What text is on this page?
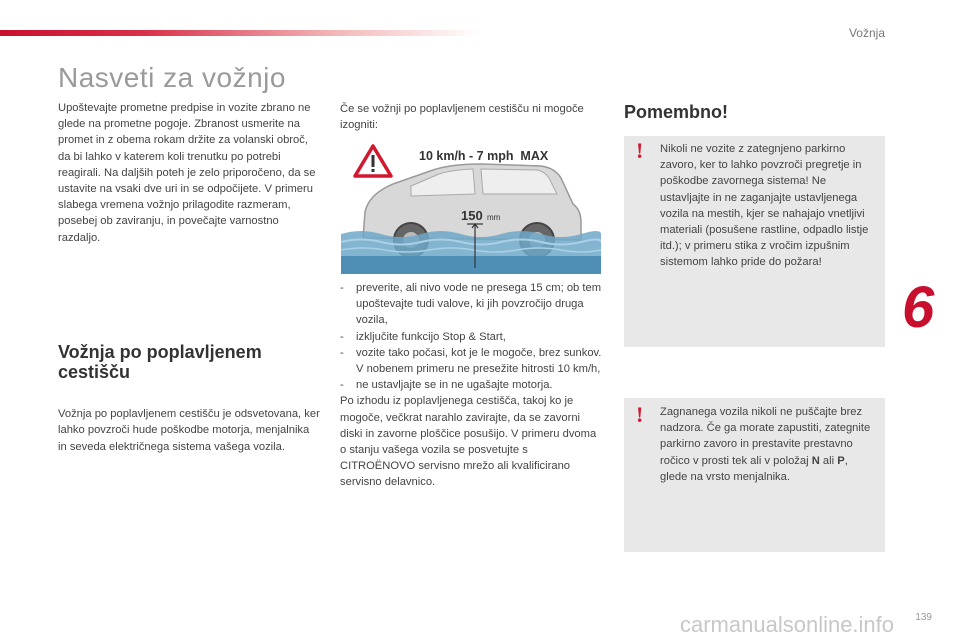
Vožnja
Nasveti za vožnjo

Upoštevajte prometne predpise in vozite zbrano ne glede na prometne pogoje. Zbranost usmerite na promet in z obema rokam držite za volanski obroč, da bi lahko v katerem koli trenutku po potrebi reagirali. Na daljših poteh je zelo priporočeno, da se ustavite na vsaki dve uri in se odpočijete. V primeru slabega vremena vožnjo prilagodite razmeram, posebej ob zaviranju, in povečajte varnostno razdaljo.

Vožnja po poplavljenem cestišču

Vožnja po poplavljenem cestišču je odsvetovana, ker lahko povzroči hude poškodbe motorja, menjalnika in seveda električnega sistema vašega vozila.

Če se vožnji po poplavljenem cestišču ni mogoče izogniti:
10 km/h - 7 mph  MAX
150 mm
-	preverite, ali nivo vode ne presega 15 cm; ob tem upoštevajte tudi valove, ki jih povzročijo druga vozila,

-	izključite funkcijo Stop & Start,

-	vozite tako počasi, kot je le mogoče, brez sunkov. V nobenem primeru ne presežite hitrosti 10 km/h,

-	ne ustavljajte se in ne ugašajte motorja.

Po izhodu iz poplavljenega cestišča, takoj ko je mogoče, večkrat narahlo zavirajte, da se zavorni diski in zavorne ploščice posušijo. V primeru dvoma o stanju vašega vozila se posvetujte s CITROËNOVO servisno mrežo ali kvalificirano servisno delavnico.

Pomembno!
!	Nikoli ne vozite z zategnjeno parkirno zavoro, ker to lahko povzroči pregretje in poškodbe zavornega sistema! Ne ustavljajte in ne zaganjajte ustavljenega vozila na mestih, kjer se nahajajo vnetljivi materiali (posušene rastline, odpadlo listje itd.); v primeru stika z vročim izpušnim sistemom lahko pride do požara!

!	Zagnanega vozila nikoli ne puščajte brez nadzora. Če ga morate zapustiti, zategnite parkirno zavoro in prestavite prestavno ročico v prosti tek ali v položaj N ali P, glede na vrsto menjalnika.

6
carmanualsonline.info 139
